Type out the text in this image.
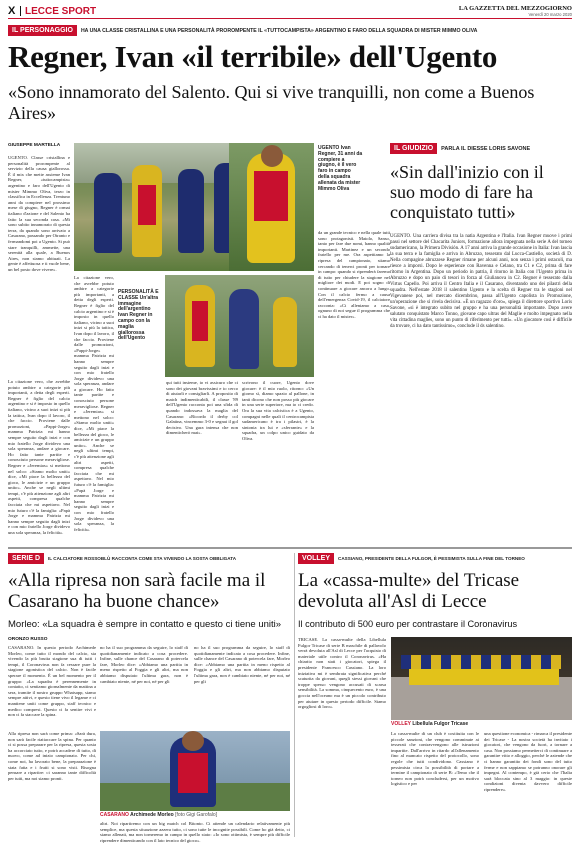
X LECCE SPORT	LA GAZZETTA DEL MEZZOGIORNO
Venerdì 20 marzo 2020
IL PERSONAGGIO	HA UNA CLASSE CRISTALLINA E UNA PERSONALITÀ PROROMPENTE IL «TUTTOCAMPISTA» ARGENTINO E FARO DELLA SQUADRA DI MISTER MIMMO OLIVA
Regner, Ivan «il terribile» dell'Ugento
«Sono innamorato del Salento. Qui si vive tranquilli, non come a Buenos Aires»
GIUSEPPE MARTELLA
UGENTO. Classe cristallina e personalità prorompente al servizio della causa giallorossa. È il mix che mette assieme Ivan Regner, «tuttocampista» argentino e faro dell'Ugento di mister Mimmo Oliva, terzo in classifica in Eccellenza. Trentuno anni da compiere nel prossimo mese di giugno, Regner è ormai italiano d'azione e del Salento ha fatto la sua seconda casa. «Mi sono subito innamorato di questa terra, da quando sono arrivato a Casarano, passando per Otranto e fermandomi poi a Ugento. Si può stare tranquilli, ammette, una serenità alla quale, a Buenos Aires, non siamo abituati. La gente è affettuosa e ti vuole bene, un bel posto dove vivere».
La citazione vero, che avrebbe potuto ambire a categorie più importanti, a detta degli esperti. Regner è figlio del calcio argentino e si è imposto in quello italiano, vicino a suoi inizi si più la tattica, Ivan dopo il lavoro, il che faccio. Proviene dalle promozioni, «Pappi-Jorge» mamma Patrizia mi hanno sempre seguito dagli inizi e con mio fratello Jorge dividevo una sola speranza, andare a giocare. Ho fatto tante partite e conosciuto persone meravigliose. Regner e «Jeremias» si mettono nel solco: «Siamo molto uniti» dice, «Mi piace la bellezza del gioco, le amicizie e un gruppo unito». Anche se negli ultimi tempi, c'è più attenzione agli altri aspetti, compresa qualche facciata che mi aspettavo. Nel mio futuro c'è la famiglia: «Papà Jorge e mamma Patrizia mi hanno sempre seguito dagli inizi e con mio fratello Jorge dividevo una sola speranza, la felicità».
PERSONALITÀ E CLASSE Un'altra immagine dell'argentino Ivan Regner in campo con la maglia giallorossa dell'Ugento
qui tutti insieme, io vi assicuro che ci sono dei giovani bravissimi e io cerco di aiutarli e consigliarli. A proposito di match indimenticabili, il classe '89 dell'Ugento racconta poi una sfida di quando indossava la maglia del Casarano: «Ricordo il derby col Galatina, vincemmo 3-0 e segnai il gol decisivo. Una gara intensa che non dimenticherò mai».
scrivono il cuore, Ugento dove giocare: è il mio ruolo, ritorno: «Un giorno sì, diamo spazio al pallone, in tanti dicono che non posso più giocare in una serie superiore, ma io ci credo. Ora la sua vita calcistica è a Ugento, compagni nelle quali il centrocampista sudamericano è tra i pilastri, è la sintonia tra lui e «sferrante» e la squadra, un colpo unico guidato da Oliva.
La citazione vero, che avrebbe potuto ambire a categorie più importanti, a detta degli esperti. Regner è figlio del calcio argentino e si è imposto in quello italiano, vicino a suoi inizi si più la tattica, Ivan dopo il lavoro, il che faccio. Proviene dalle promozioni, «Pappi-Jorge» mamma Patrizia mi hanno sempre seguito dagli inizi e con mio fratello Jorge dividevo una sola speranza, andare a giocare. Ho fatto tante partite e conosciuto persone meravigliose. Regner e «Jeremias» si mettono nel solco: «Siamo molto uniti» dice, «Mi piace la bellezza del gioco, le amicizie e un gruppo unito». Anche se negli ultimi tempi, c'è più attenzione agli altri aspetti, compresa qualche facciata che mi aspettavo. Nel mio futuro c'è la famiglia: «Papà Jorge e mamma Patrizia mi hanno sempre seguito dagli inizi e con mio fratello Jorge dividevo una sola speranza, la felicità».
UGENTO Ivan Regner, 31 anni da compiere a giugno, è il vero faro in campo della squadra allenata da mister Mimmo Oliva
da un grande tecnico e nella quale tutti sono protagonisti. Maiolo, Sanso, tanto per fare due nomi, hanno qualità importanti. Martinez e un secondo fratello per me. Ora aspettiamo la ripresa del campionato, stiamo cercando di tenerci pronti per tornare in campo: quando si riprenderà faremo di tutto per chiudere la stagione nel migliore dei modi. E poi sogno di continuare a giocare ancora a lungo. Con il calcio fermo a causa dell'emergenza Covid-19, il calciatore racconta: «Ci alleniamo a casa, ognuno di noi segue il programma che ci ha dato il mister».
IL GIUDIZIO	PARLA IL DIESSE LORIS SAVONE
«Sin dall'inizio con il suo modo di fare ha conquistato tutti»
UGENTO. Una carriera divisa tra la natia Argentina e l'Italia. Ivan Regner muove i primi passi nel settore del Chacarita Juniors, formazione allora impegnata nella serie A del torneo sudamericano, la Primera División. A 17 anni arriva la grande occasione in Italia: Ivan lascia la sua terra e la famiglia e arriva in Abruzzo, tesserato dal Lucca-Castiello, società di D. Nella compagine abruzzese Regner rimane per alcuni anni, non senza i primi ostacoli, ma riesce a imporsi. Dopo le esperienze con Ravenna e Celano, tra C1 e C2, prima di fare ritorno in Argentina. Dopo un periodo in patria, il ritorno in Italia con l'Ugento prima in Abruzzo e dopo un paio di tesori in forza al Giulianova in C2. Regner è tesserato dalla Virtus Capello. Poi arriva il Centro Italia e il Casarano, diventando uno dei pilastri della squadra. Nell'estate 2018 il salentino Ugento e la scelta di Regner tra le stagioni nel Vigevanese poi, nel mercato dicembrino, passa all'Ugento capolista in Promozione, un'operazione che si rivela decisiva. «È un ragazzo d'oro», spiega il direttore sportivo Loris Savone, «si è integrato subito nel gruppo e ha una personalità importante. Dopo avere salutato conquistato Marco Tonno, giovane capo ultras del Maglie e molto impegnato nella vita cittadina maglies, sono un punto di riferimento per tutti». «Un giocatore così è difficile da trovare, ci ha dato tantissimo», conclude il ds salentino.
SERIE D	IL CALCIATORE ROSSOBLÙ RACCONTA COME STA VIVENDO LA SOSTA OBBLIGATA
«Alla ripresa non sarà facile ma il Casarano ha buone chance»
Morleo: «La squadra è sempre in contatto e questo ci tiene uniti»
ORONZO RUSSO
CASARANO. In questo periodo Archimede Morleo, come tutto il mondo del calcio, sta vivendo la più brutta stagione sua di tutti i tempi, il Coronavirus non fa cessare pure la stagione agonistica del calcio. Non è facile sperare il momento. È un bel momento per il gruppo: «La squadra è perennemente in contatto, ci sentiamo giornalmente da mattina a sera, tramite il nostro gruppo Whatsapp, siamo sempre attivi, e questo tiene vivo il legame e ci mantiene uniti come gruppo, staff tecnico e medico compresi. Questo ci fa sentire vivi e non ci fa staccare la spina.
Alla ripresa non sarà come prima: «Sarà dura, non sarà facile riattaccare la spina. Per quanto ci si possa preparare per la ripresa, questa sosta ha accorciato tutto, e potrà accadere di tutto, di nuovo, come ad inizio campionato. Per chi, come noi, ha lavorato bene, la preparazione è stata fatta e i frutti si sono visti. Bisogna pensare a ripartire: ci saranno tante difficoltà per tutti, ma noi siamo pronti.
no ha il suo programma da seguire, lo staff di quotidianamente indicato a cosa procedere. Infine, sulle chance del Casarano di potercela fare, Morleo dice: «Abbiamo una partita in meno rispetto al Foggia e gli altri, ma non abbiamo disputato l'ultima gara, non è cambiato niente, né per noi, né per gli
no ha il suo programma da seguire, lo staff di quotidianamente indicato a cosa procedere. Infine, sulle chance del Casarano di potercela fare, Morleo dice: «Abbiamo una partita in meno rispetto al Foggia e gli altri, ma non abbiamo disputato l'ultima gara, non è cambiato niente, né per noi, né per gli
CASARANO Archimede Morleo [foto Gigi Garofalo]
altri. Noi ripartiremo con un big match col Bitonto. Ci attende un calendario relativamente più semplice, ma questa situazione azzera tutto, ci sono tutte le incognite possibili. Come ho già detto, ci siamo allenati, ma non torneremo in campo in quello stato: «Io sono ottimista, è sempre più difficile riprendere dimenticando con il lato tecnico del gioco».
VOLLEY	CASSIANO, PRESIDENTE DELLA FULGOR, È PESSIMISTA SULLA FINE DEL TORNEO
La «cassa-multe» del Tricase devoluta all'Asl di Lecce
Il contributo di 500 euro per contrastare il Coronavirus
TRICASE. La cassa-multe della Libellula Fulgor Tricase di serie B maschile di pallavolo verrà devoluta all'Asl di Lecce per l'acquisto di materiale utile contro il Coronavirus. «Ha chiarito non stati i giocatori, spiega il presidente Francesco Cassiano. La loro iniziativa mi è sembrata significativa perché scaturita da giovani, quegli stessi giovani che troppe spesso vengono accusati di scarsa sensibilità. La somma, cinquecento euro, è una goccia nell'oceano ma è un piccolo contributo per aiutare in questo periodo difficile. Siamo orgogliosi di loro».
VOLLEY Libellula Fulgor Tricase
La cassa-multe di un club è costituita con le piccole sanzioni, che vengono comminate ai tesserati che contravvengono alle istruzioni impartite. Dall'arrivo in ritardo all'allenamento fino al mancato rispetto del protocollo, sono regole che tutti condividono. Cassiano è pessimista circa la possibilità di portare a termine il campionato di serie B: «Temo che il torneo non potrà concludersi, per un motivo logistico e per
una questione economica - rimarca il presidente dei Tricase - La nostra società ha invitato i giocatori, che vengono da fuori, a tornare a casa. Non possiamo permetterci di continuare a garantire vitto e alloggio, perché le aziende che ci hanno garantito dei fondi sono del tutto ferme e non sappiamo se potranno onorare gli impegni. Al contempo, è già certo che l'Italia sarà bloccata sino al 3 maggio: in queste condizioni diventa davvero difficile riprendere».
